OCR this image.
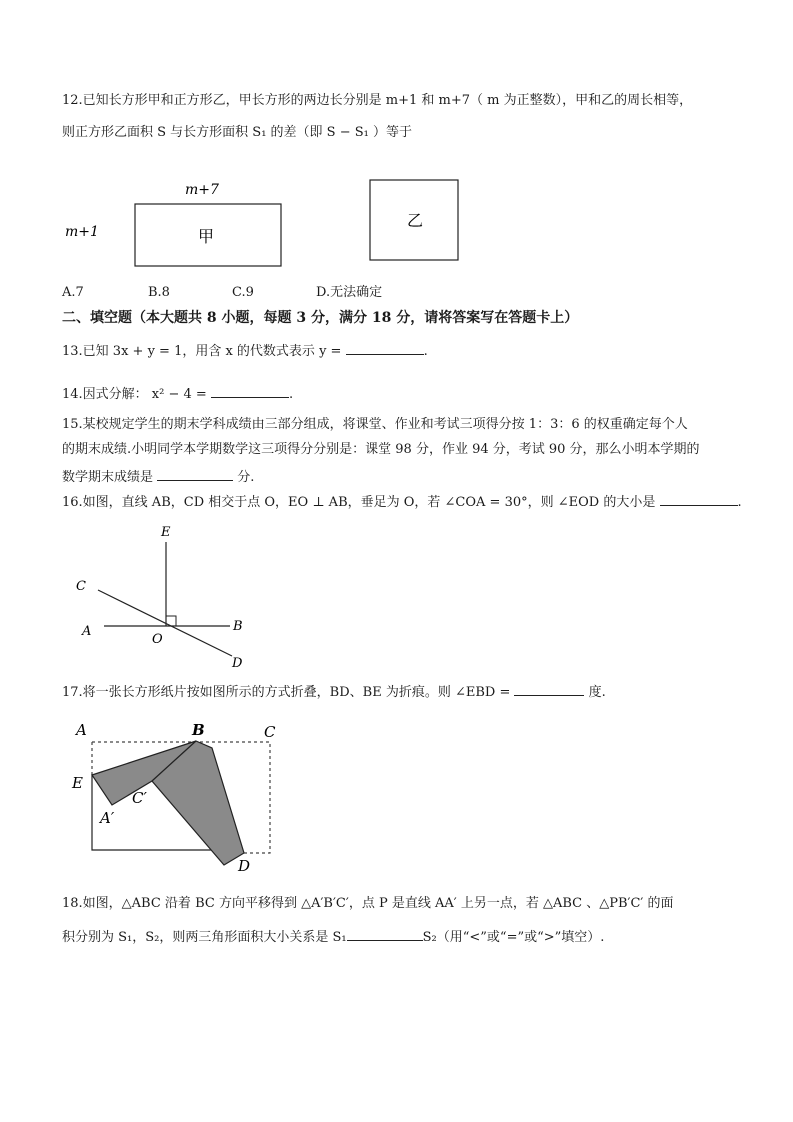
12.已知长方形甲和正方形乙，甲长方形的两边长分别是 m+1 和 m+7（ m 为正整数），甲和乙的周长相等，
则正方形乙面积 S 与长方形面积 S₁ 的差（即 S − S₁ ）等于
m+7
m+1	甲
乙
A.7	B.8	C.9	D.无法确定
二、填空题（本大题共 8 小题，每题 3 分，满分 18 分，请将答案写在答题卡上）
13.已知 3x + y = 1，用含 x 的代数式表示 y =	.
14.因式分解： x² − 4 =	.
15.某校规定学生的期末学科成绩由三部分组成，将课堂、作业和考试三项得分按 1：3：6 的权重确定每个人
的期末成绩.小明同学本学期数学这三项得分分别是：课堂 98 分，作业 94 分，考试 90 分，那么小明本学期的
数学期末成绩是	分.
16.如图，直线 AB，CD 相交于点 O，EO ⊥ AB，垂足为 O，若 ∠COA = 30°，则 ∠EOD 的大小是	.
E
C
A
O
B
D
17.将一张长方形纸片按如图所示的方式折叠，BD、BE 为折痕。则 ∠EBD =	度.
A	B	C
E
C′
A′
D
18.如图，△ABC 沿着 BC 方向平移得到 △A′B′C′，点 P 是直线 AA′ 上另一点，若 △ABC 、△PB′C′ 的面
积分别为 S₁，S₂，则两三角形面积大小关系是 S₁	S₂（用“<”或“=”或“>”填空）.
